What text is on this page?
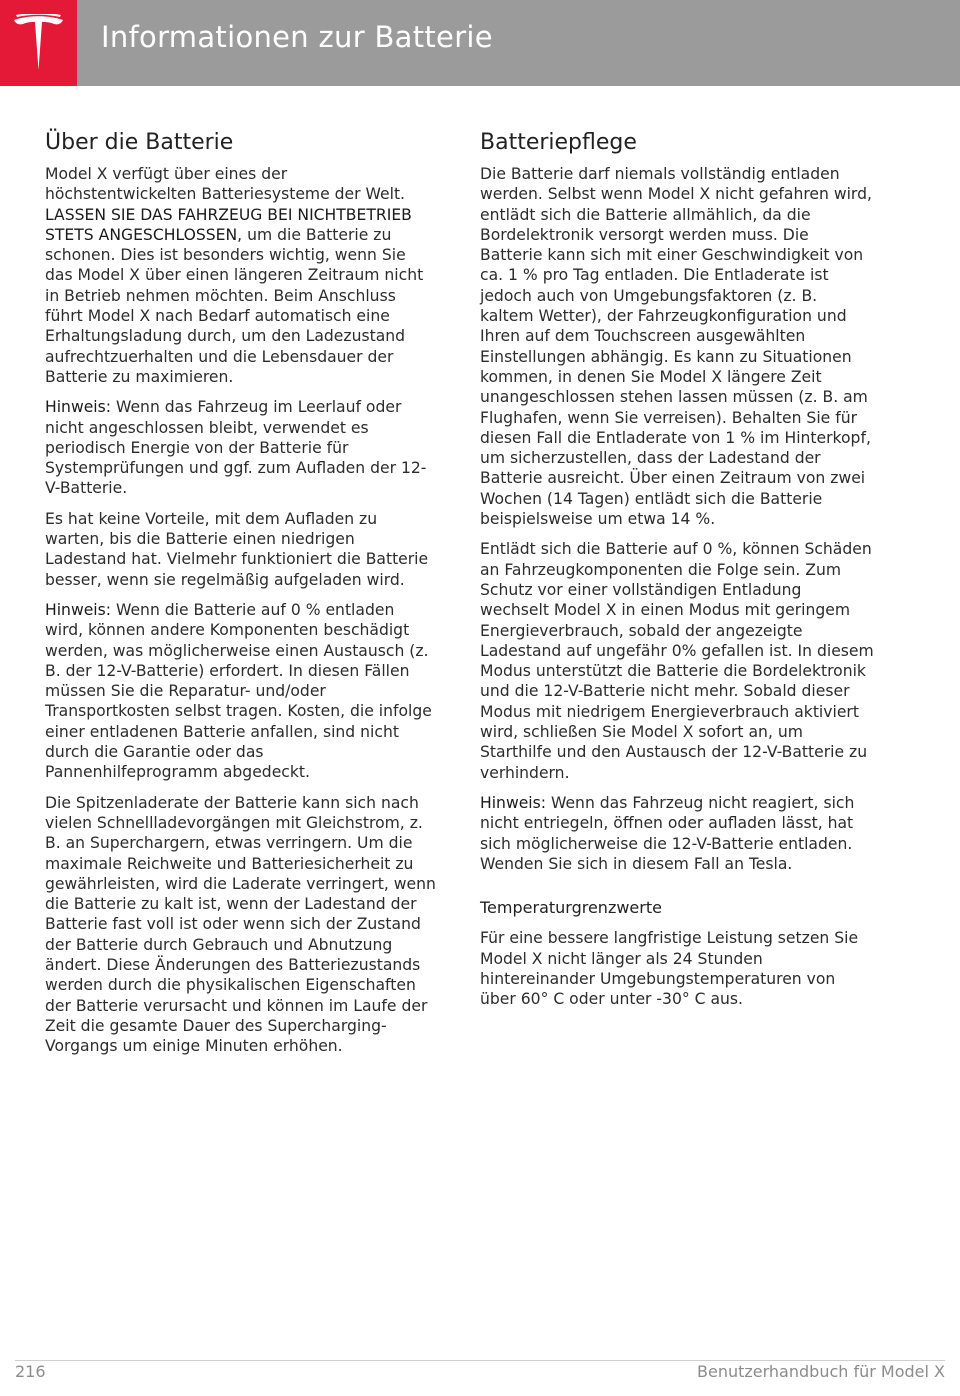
Informationen zur Batterie
Über die Batterie

Model X verfügt über eines der höchstentwickelten Batteriesysteme der Welt. LASSEN SIE DAS FAHRZEUG BEI NICHTBETRIEB STETS ANGESCHLOSSEN, um die Batterie zu schonen. Dies ist besonders wichtig, wenn Sie das Model X über einen längeren Zeitraum nicht in Betrieb nehmen möchten. Beim Anschluss führt Model X nach Bedarf automatisch eine Erhaltungsladung durch, um den Ladezustand aufrechtzuerhalten und die Lebensdauer der Batterie zu maximieren.

Hinweis: Wenn das Fahrzeug im Leerlauf oder nicht angeschlossen bleibt, verwendet es periodisch Energie von der Batterie für Systemprüfungen und ggf. zum Aufladen der 12-V-Batterie.

Es hat keine Vorteile, mit dem Aufladen zu warten, bis die Batterie einen niedrigen Ladestand hat. Vielmehr funktioniert die Batterie besser, wenn sie regelmäßig aufgeladen wird.

Hinweis: Wenn die Batterie auf 0 % entladen wird, können andere Komponenten beschädigt werden, was möglicherweise einen Austausch (z. B. der 12-V-Batterie) erfordert. In diesen Fällen müssen Sie die Reparatur- und/oder Transportkosten selbst tragen. Kosten, die infolge einer entladenen Batterie anfallen, sind nicht durch die Garantie oder das Pannenhilfeprogramm abgedeckt.

Die Spitzenladerate der Batterie kann sich nach vielen Schnellladevorgängen mit Gleichstrom, z. B. an Superchargern, etwas verringern. Um die maximale Reichweite und Batteriesicherheit zu gewährleisten, wird die Laderate verringert, wenn die Batterie zu kalt ist, wenn der Ladestand der Batterie fast voll ist oder wenn sich der Zustand der Batterie durch Gebrauch und Abnutzung ändert. Diese Änderungen des Batteriezustands werden durch die physikalischen Eigenschaften der Batterie verursacht und können im Laufe der Zeit die gesamte Dauer des Supercharging-Vorgangs um einige Minuten erhöhen.

Batteriepflege

Die Batterie darf niemals vollständig entladen werden. Selbst wenn Model X nicht gefahren wird, entlädt sich die Batterie allmählich, da die Bordelektronik versorgt werden muss. Die Batterie kann sich mit einer Geschwindigkeit von ca. 1 % pro Tag entladen. Die Entladerate ist jedoch auch von Umgebungsfaktoren (z. B. kaltem Wetter), der Fahrzeugkonfiguration und Ihren auf dem Touchscreen ausgewählten Einstellungen abhängig. Es kann zu Situationen kommen, in denen Sie Model X längere Zeit unangeschlossen stehen lassen müssen (z. B. am Flughafen, wenn Sie verreisen). Behalten Sie für diesen Fall die Entladerate von 1 % im Hinterkopf, um sicherzustellen, dass der Ladestand der Batterie ausreicht. Über einen Zeitraum von zwei Wochen (14 Tagen) entlädt sich die Batterie beispielsweise um etwa 14 %.

Entlädt sich die Batterie auf 0 %, können Schäden an Fahrzeugkomponenten die Folge sein. Zum Schutz vor einer vollständigen Entladung wechselt Model X in einen Modus mit geringem Energieverbrauch, sobald der angezeigte Ladestand auf ungefähr 0% gefallen ist. In diesem Modus unterstützt die Batterie die Bordelektronik und die 12-V-Batterie nicht mehr. Sobald dieser Modus mit niedrigem Energieverbrauch aktiviert wird, schließen Sie Model X sofort an, um Starthilfe und den Austausch der 12-V-Batterie zu verhindern.

Hinweis: Wenn das Fahrzeug nicht reagiert, sich nicht entriegeln, öffnen oder aufladen lässt, hat sich möglicherweise die 12-V-Batterie entladen. Wenden Sie sich in diesem Fall an Tesla.

Temperaturgrenzwerte

Für eine bessere langfristige Leistung setzen Sie Model X nicht länger als 24 Stunden hintereinander Umgebungstemperaturen von über 60° C oder unter -30° C aus.

216	Benutzerhandbuch für Model X
